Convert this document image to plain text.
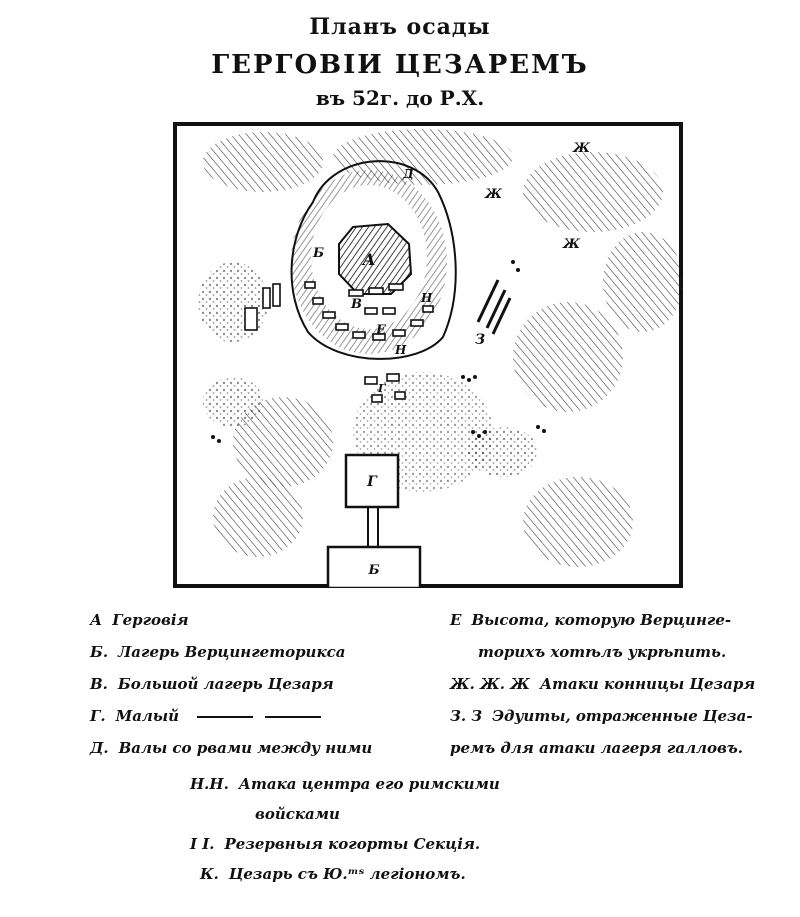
Планъ осады
ГЕРГОВІИ ЦЕЗАРЕМЪ
въ 52г. до Р.Х.
А
Б
В
Е
Д
Н
Н
З
Ж
Ж
Ж
Г
Г
Б
А Герговія
Б. Лагерь Верцингеторикса
В. Большой лагерь Цезаря
Г. Малый
Д. Валы со рвами между ними
Е Высота, которую Верцинге-
торихъ хотѣлъ укрѣпить.
Ж. Ж. Ж Атаки конницы Цезаря
З. З Эдуиты, отраженные Цеза-
ремъ для атаки лагеря галловъ.
Н.Н. Атака центра его римскими
войсками
І І. Резервныя когорты Секція.
К. Цезарь съ Ю.ᵐˢ легіономъ.
